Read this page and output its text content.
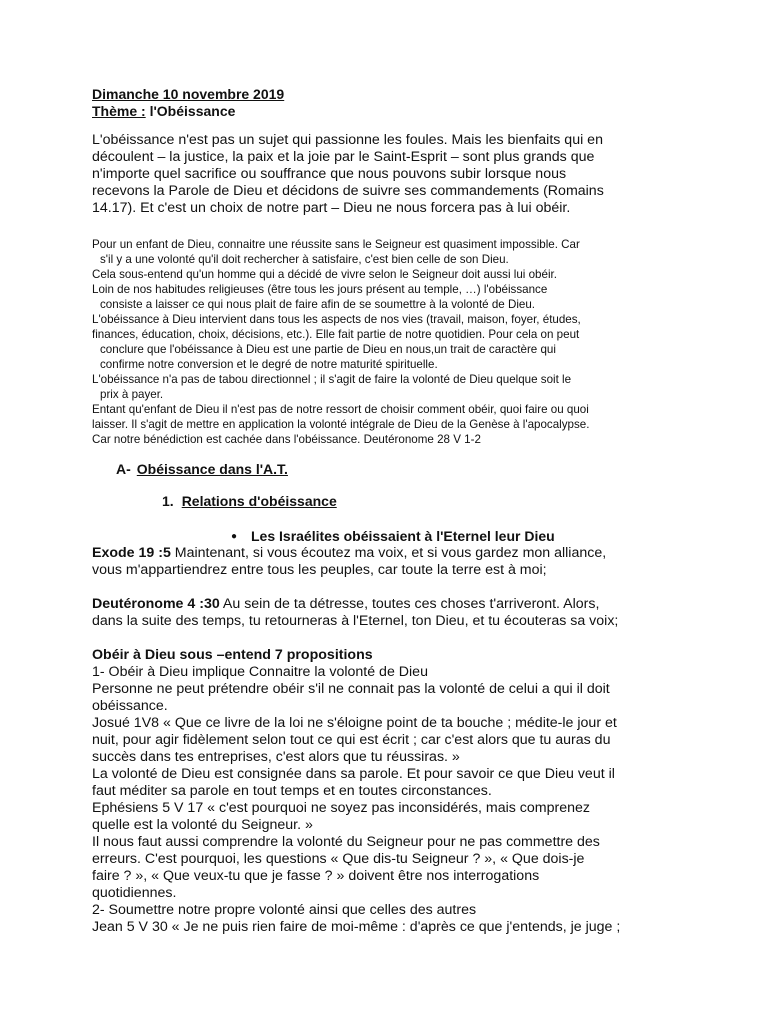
Dimanche 10 novembre 2019

Thème : l'Obéissance

L'obéissance n'est pas un sujet qui passionne les foules. Mais les bienfaits qui en
découlent – la justice, la paix et la joie par le Saint-Esprit – sont plus grands que
n'importe quel sacrifice ou souffrance que nous pouvons subir lorsque nous
recevons la Parole de Dieu et décidons de suivre ses commandements (Romains
14.17). Et c'est un choix de notre part – Dieu ne nous forcera pas à lui obéir.
Pour un enfant de Dieu, connaitre une réussite sans le Seigneur est quasiment impossible. Car
s'il y a une volonté qu'il doit rechercher à satisfaire, c'est bien celle de son Dieu.
Cela sous-entend qu'un homme qui a décidé de vivre selon le Seigneur doit aussi lui obéir.
Loin de nos habitudes religieuses (être tous les jours présent au temple, …) l'obéissance
consiste a laisser ce qui nous plait de faire afin de se soumettre à la volonté de Dieu.
L'obéissance à Dieu intervient dans tous les aspects de nos vies (travail, maison, foyer, études,
finances, éducation, choix, décisions, etc.). Elle fait partie de notre quotidien. Pour cela on peut
conclure que l'obéissance à Dieu est une partie de Dieu en nous,un trait de caractère qui
confirme notre conversion et le degré de notre maturité spirituelle.
L'obéissance n'a pas de tabou directionnel ; il s'agit de faire la volonté de Dieu quelque soit le
prix à payer.
Entant qu'enfant de Dieu il n'est pas de notre ressort de choisir comment obéir, quoi faire ou quoi
laisser. Il s'agit de mettre en application la volonté intégrale de Dieu de la Genèse à l'apocalypse.
Car notre bénédiction est cachée dans l'obéissance. Deutéronome 28 V 1-2

A- Obéissance dans l'A.T.

1. Relations d'obéissance

● Les Israélites obéissaient à l'Eternel leur Dieu

Exode 19 :5 Maintenant, si vous écoutez ma voix, et si vous gardez mon alliance,
vous m'appartiendrez entre tous les peuples, car toute la terre est à moi;
Deutéronome 4 :30 Au sein de ta détresse, toutes ces choses t'arriveront. Alors,
dans la suite des temps, tu retourneras à l'Eternel, ton Dieu, et tu écouteras sa voix;
Obéir à Dieu sous –entend 7 propositions
1- Obéir à Dieu implique Connaitre la volonté de Dieu
Personne ne peut prétendre obéir s'il ne connait pas la volonté de celui a qui il doit
obéissance.
Josué 1V8 « Que ce livre de la loi ne s'éloigne point de ta bouche ; médite-le jour et
nuit, pour agir fidèlement selon tout ce qui est écrit ; car c'est alors que tu auras du
succès dans tes entreprises, c'est alors que tu réussiras. »
La volonté de Dieu est consignée dans sa parole. Et pour savoir ce que Dieu veut il
faut méditer sa parole en tout temps et en toutes circonstances.
Ephésiens 5 V 17 « c'est pourquoi ne soyez pas inconsidérés, mais comprenez
quelle est la volonté du Seigneur. »
Il nous faut aussi comprendre la volonté du Seigneur pour ne pas commettre des
erreurs. C'est pourquoi, les questions « Que dis-tu Seigneur ? », « Que dois-je
faire ? », « Que veux-tu que je fasse ? » doivent être nos interrogations
quotidiennes.
2- Soumettre notre propre volonté ainsi que celles des autres
Jean 5 V 30 « Je ne puis rien faire de moi-même : d'après ce que j'entends, je juge ;
